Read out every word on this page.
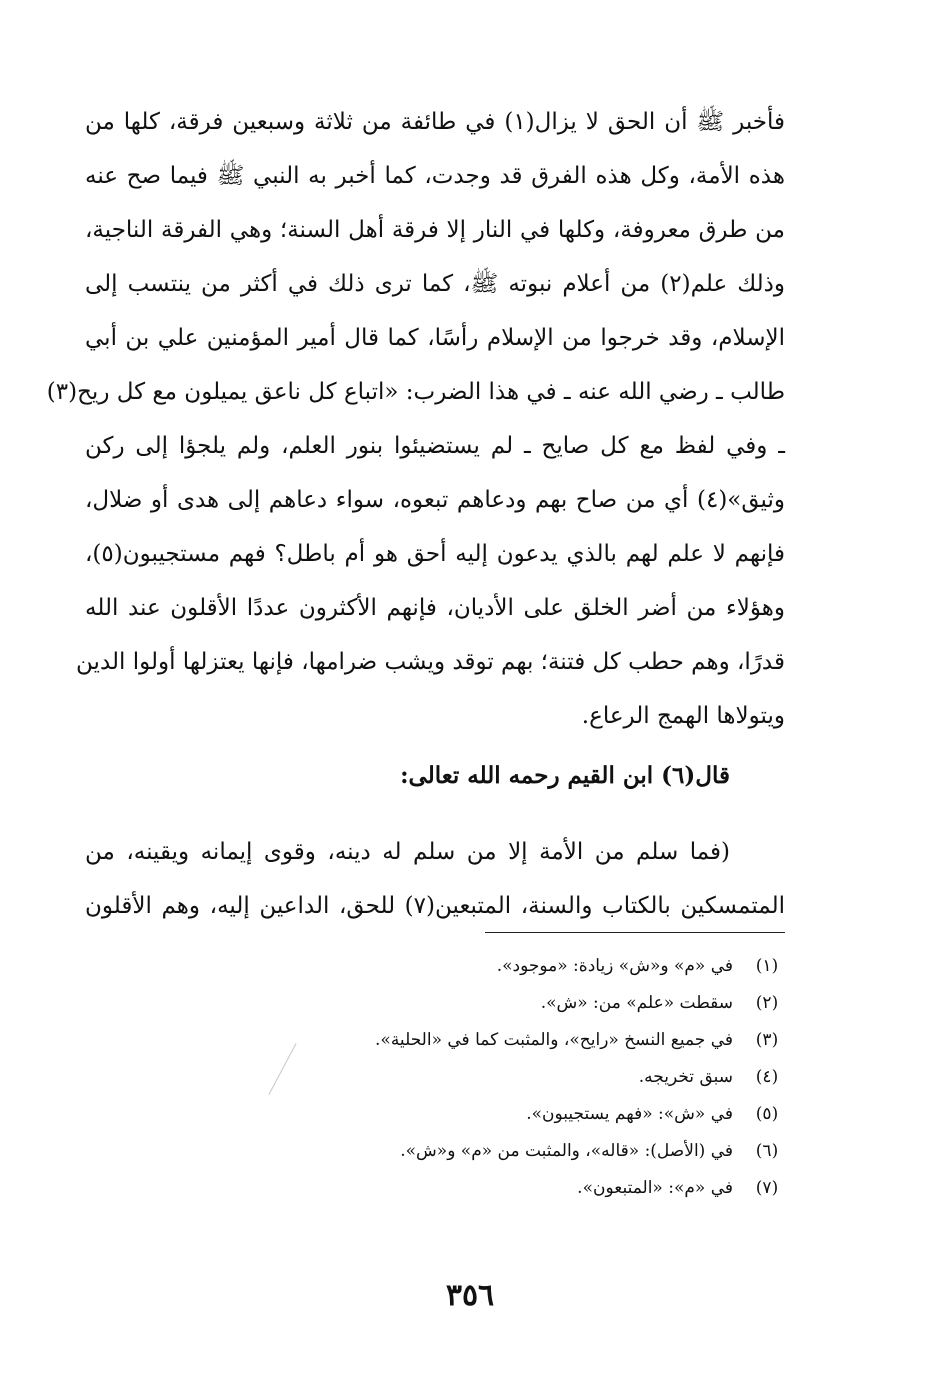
فأخبر ﷺ أن الحق لا يزال(١) في طائفة من ثلاثة وسبعين فرقة، كلها من
هذه الأمة، وكل هذه الفرق قد وجدت، كما أخبر به النبي ﷺ فيما صح عنه
من طرق معروفة، وكلها في النار إلا فرقة أهل السنة؛ وهي الفرقة الناجية،
وذلك علم(٢) من أعلام نبوته ﷺ، كما ترى ذلك في أكثر من ينتسب إلى
الإسلام، وقد خرجوا من الإسلام رأسًا، كما قال أمير المؤمنين علي بن أبي
طالب ـ رضي الله عنه ـ في هذا الضرب: «اتباع كل ناعق يميلون مع كل ريح(٣)
ـ وفي لفظ مع كل صايح ـ لم يستضيئوا بنور العلم، ولم يلجؤا إلى ركن
وثيق»(٤) أي من صاح بهم ودعاهم تبعوه، سواء دعاهم إلى هدى أو ضلال،
فإنهم لا علم لهم بالذي يدعون إليه أحق هو أم باطل؟ فهم مستجيبون(٥)،
وهؤلاء من أضر الخلق على الأديان، فإنهم الأكثرون عددًا الأقلون عند الله
قدرًا، وهم حطب كل فتنة؛ بهم توقد ويشب ضرامها، فإنها يعتزلها أولوا الدين
ويتولاها الهمج الرعاع.
قال(٦) ابن القيم رحمه الله تعالى:
(فما سلم من الأمة إلا من سلم له دينه، وقوى إيمانه ويقينه، من
المتمسكين بالكتاب والسنة، المتبعين(٧) للحق، الداعين إليه، وهم الأقلون
(١)
في «م» و«ش» زيادة: «موجود».
(٢)
سقطت «علم» من: «ش».
(٣)
في جميع النسخ «رايح»، والمثبت كما في «الحلية».
(٤)
سبق تخريجه.
(٥)
في «ش»: «فهم يستجيبون».
(٦)
في (الأصل): «قاله»، والمثبت من «م» و«ش».
(٧)
في «م»: «المتبعون».
٣٥٦
